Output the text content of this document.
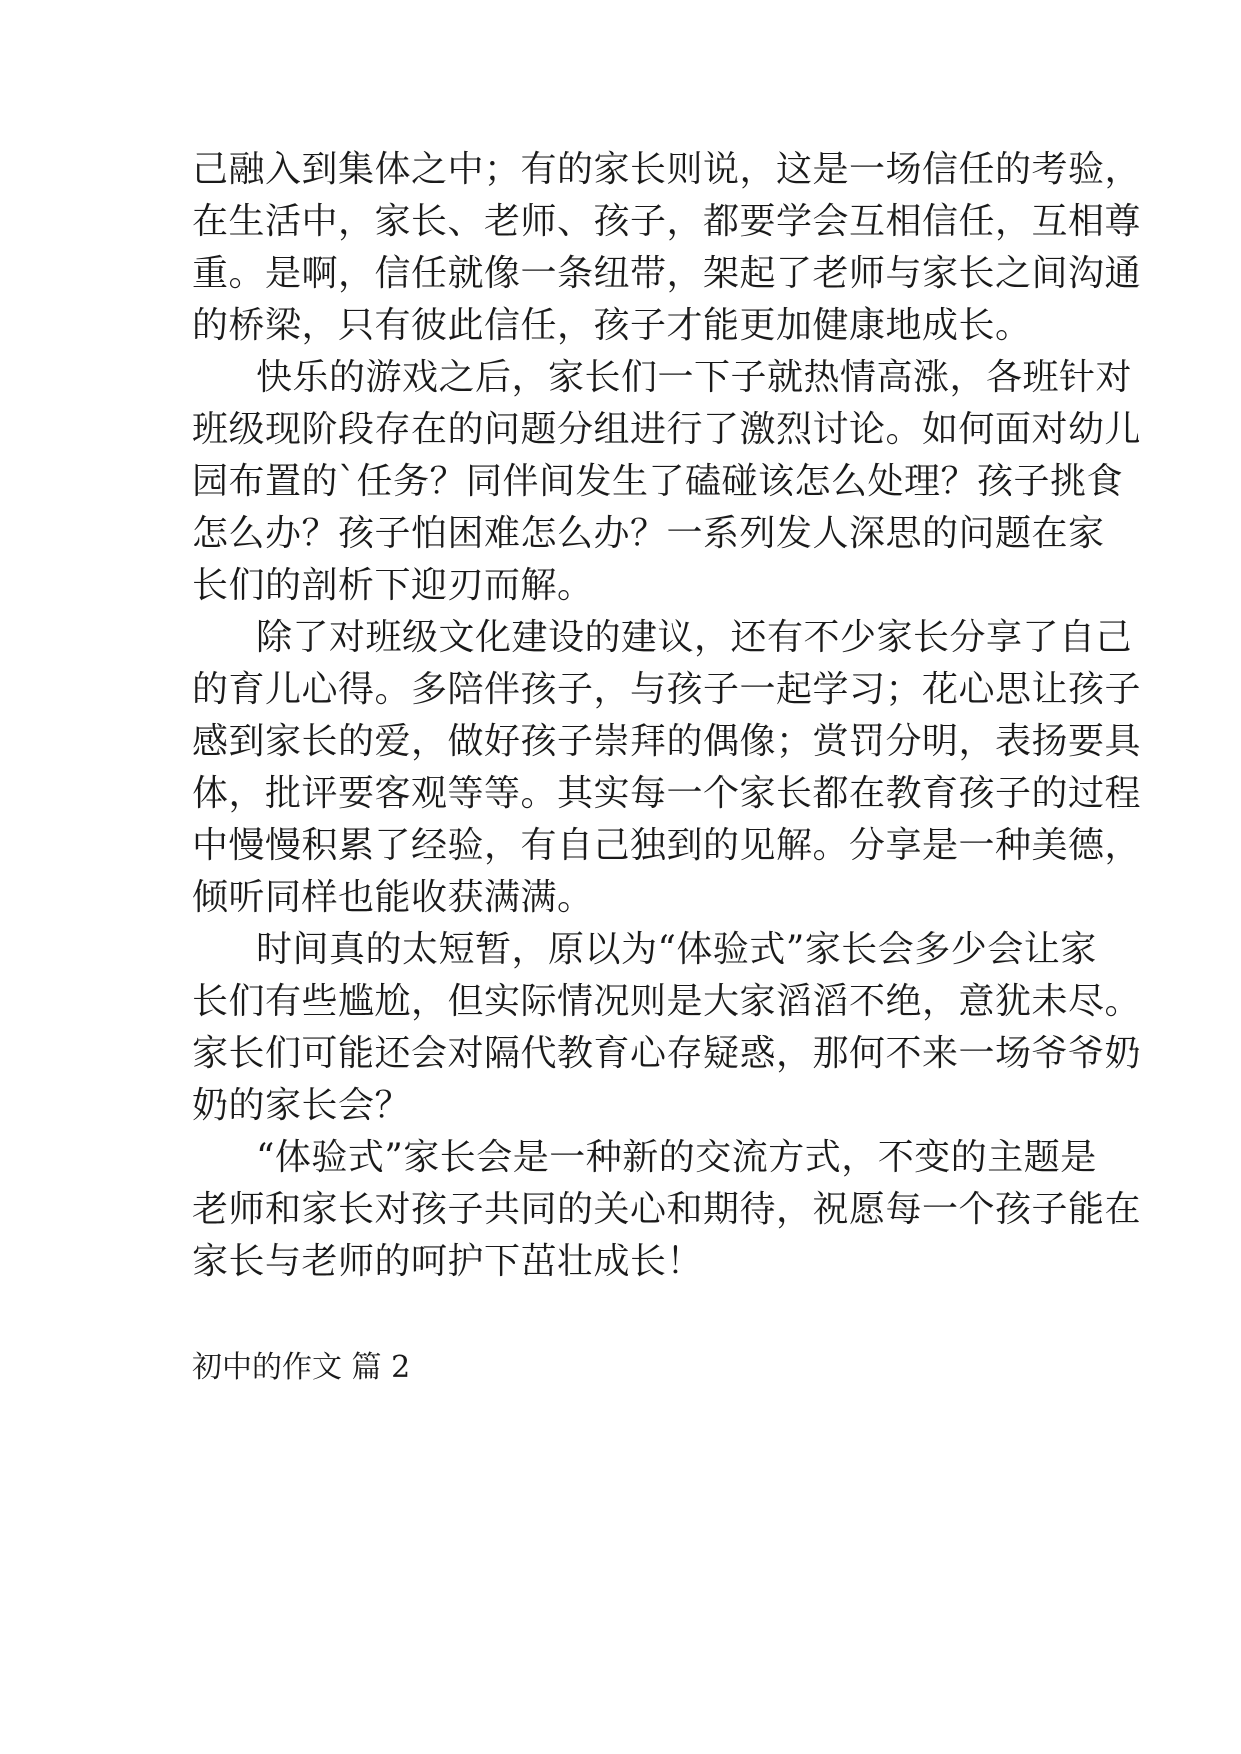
己融入到集体之中；有的家长则说，这是一场信任的考验，
在生活中，家长、老师、孩子，都要学会互相信任，互相尊
重。是啊，信任就像一条纽带，架起了老师与家长之间沟通
的桥梁，只有彼此信任，孩子才能更加健康地成长。
快乐的游戏之后，家长们一下子就热情高涨，各班针对
班级现阶段存在的问题分组进行了激烈讨论。如何面对幼儿
园布置的`任务？同伴间发生了磕碰该怎么处理？孩子挑食
怎么办？孩子怕困难怎么办？一系列发人深思的问题在家
长们的剖析下迎刃而解。
除了对班级文化建设的建议，还有不少家长分享了自己
的育儿心得。多陪伴孩子，与孩子一起学习；花心思让孩子
感到家长的爱，做好孩子崇拜的偶像；赏罚分明，表扬要具
体，批评要客观等等。其实每一个家长都在教育孩子的过程
中慢慢积累了经验，有自己独到的见解。分享是一种美德，
倾听同样也能收获满满。
时间真的太短暂，原以为“体验式”家长会多少会让家
长们有些尴尬，但实际情况则是大家滔滔不绝，意犹未尽。
家长们可能还会对隔代教育心存疑惑，那何不来一场爷爷奶
奶的家长会？
“体验式”家长会是一种新的交流方式，不变的主题是
老师和家长对孩子共同的关心和期待，祝愿每一个孩子能在
家长与老师的呵护下茁壮成长！
初中的作文 篇 2
